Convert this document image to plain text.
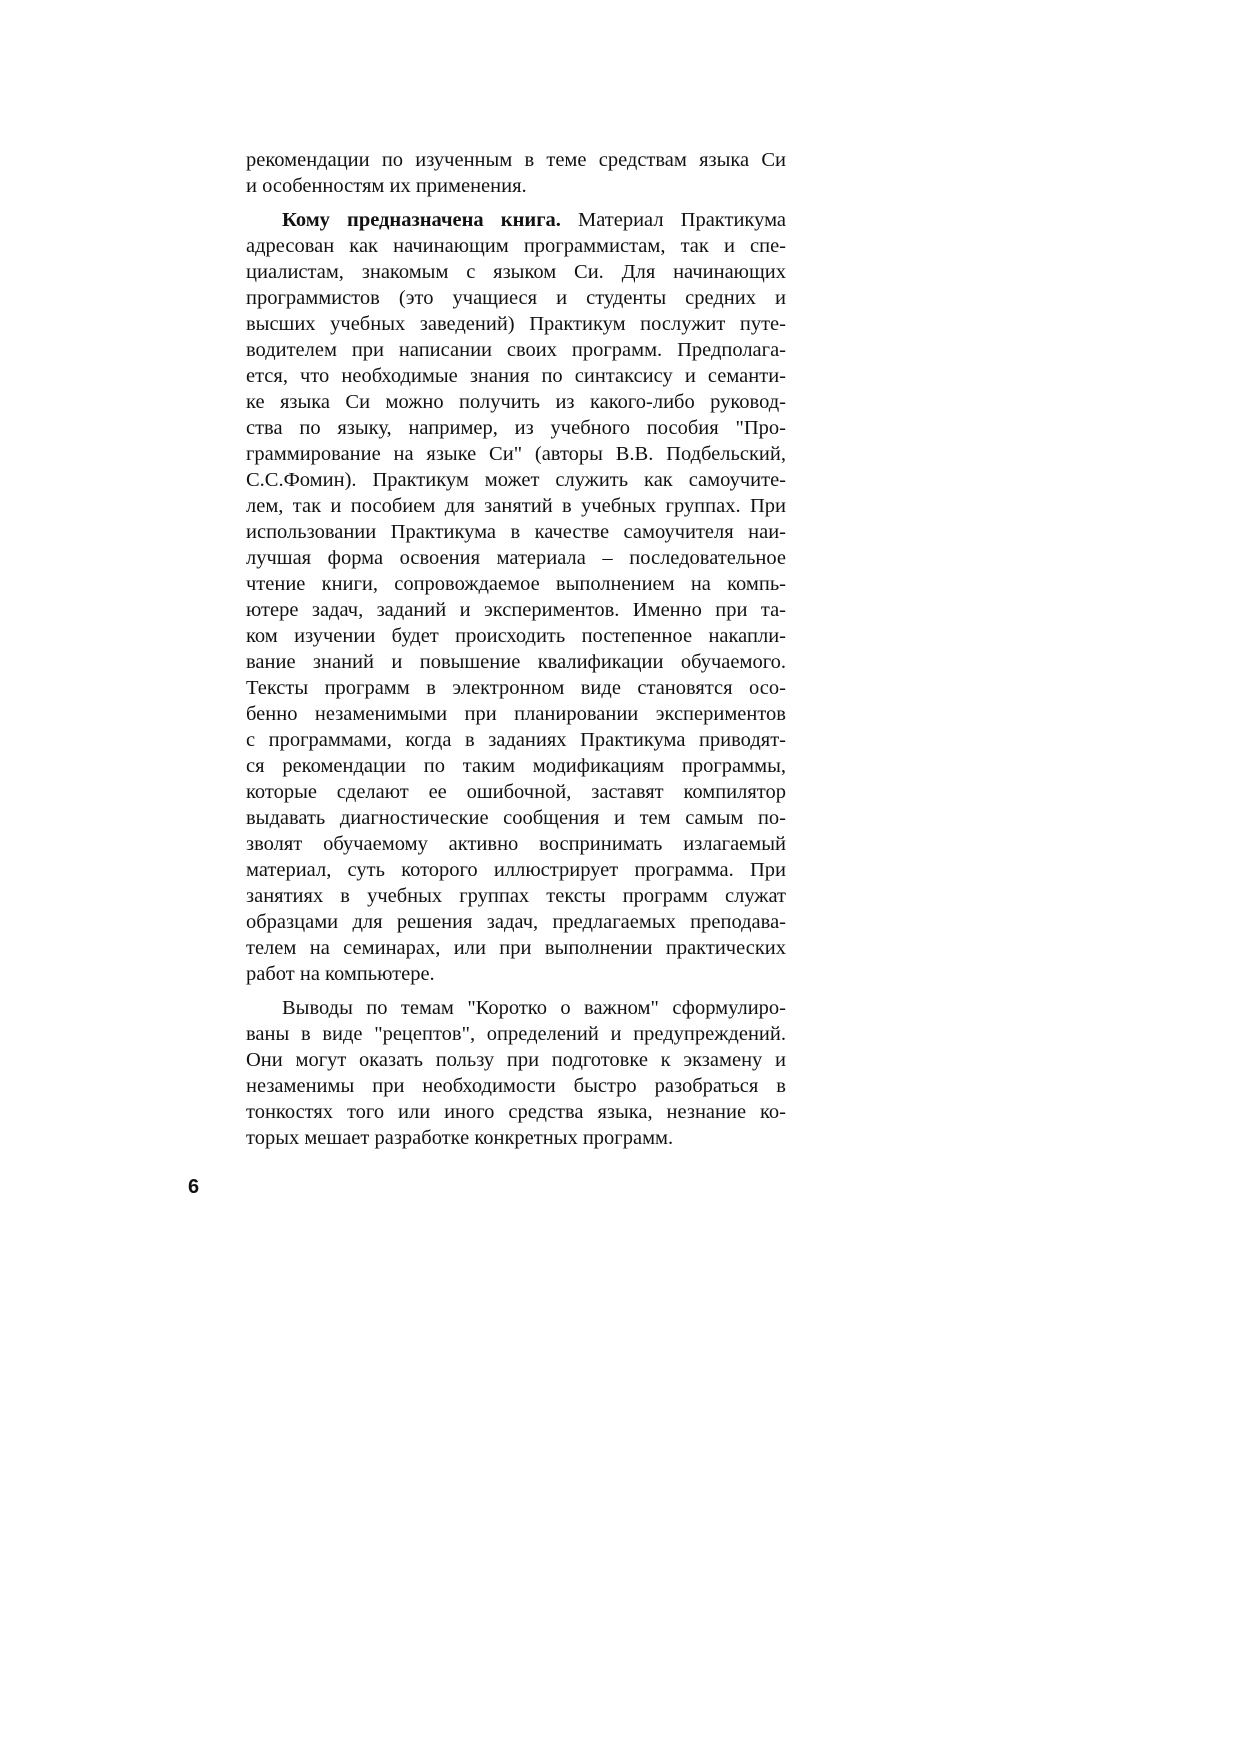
рекомендации по изученным в теме средствам языка Си
и особенностям их применения.
Кому предназначена книга. Материал Практикума
адресован как начинающим программистам, так и спе-
циалистам, знакомым с языком Си. Для начинающих
программистов (это учащиеся и студенты средних и
высших учебных заведений) Практикум послужит путе-
водителем при написании своих программ. Предполага-
ется, что необходимые знания по синтаксису и семанти-
ке языка Си можно получить из какого-либо руковод-
ства по языку, например, из учебного пособия "Про-
граммирование на языке Си" (авторы В.В. Подбельский,
С.С.Фомин). Практикум может служить как самоучите-
лем, так и пособием для занятий в учебных группах. При
использовании Практикума в качестве самоучителя наи-
лучшая форма освоения материала – последовательное
чтение книги, сопровождаемое выполнением на компь-
ютере задач, заданий и экспериментов. Именно при та-
ком изучении будет происходить постепенное накапли-
вание знаний и повышение квалификации обучаемого.
Тексты программ в электронном виде становятся осо-
бенно незаменимыми при планировании экспериментов
с программами, когда в заданиях Практикума приводят-
ся рекомендации по таким модификациям программы,
которые сделают ее ошибочной, заставят компилятор
выдавать диагностические сообщения и тем самым по-
зволят обучаемому активно воспринимать излагаемый
материал, суть которого иллюстрирует программа. При
занятиях в учебных группах тексты программ служат
образцами для решения задач, предлагаемых преподава-
телем на семинарах, или при выполнении практических
работ на компьютере.
Выводы по темам "Коротко о важном" сформулиро-
ваны в виде "рецептов", определений и предупреждений.
Они могут оказать пользу при подготовке к экзамену и
незаменимы при необходимости быстро разобраться в
тонкостях того или иного средства языка, незнание ко-
торых мешает разработке конкретных программ.
6
